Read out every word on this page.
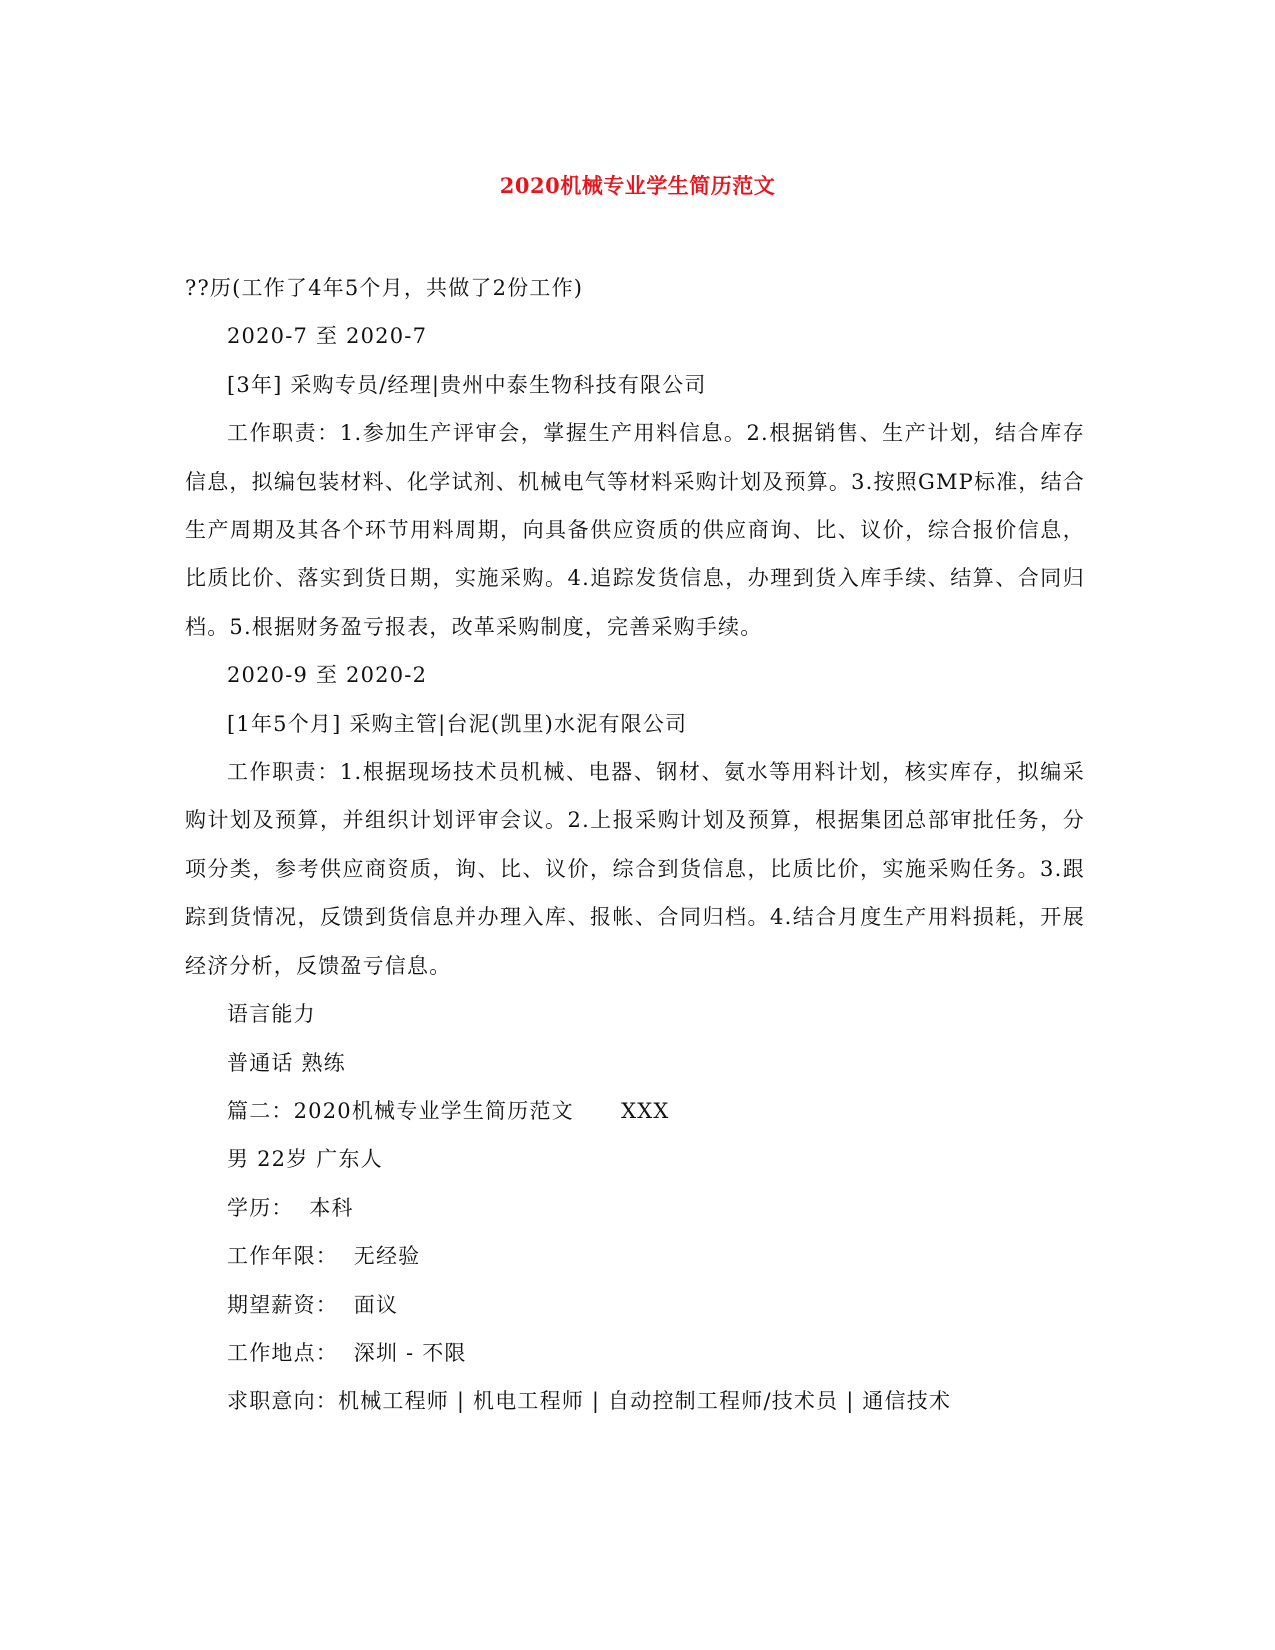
2020机械专业学生简历范文

??历(工作了4年5个月，共做了2份工作)

2020-7 至 2020-7

[3年] 采购专员/经理|贵州中泰生物科技有限公司

工作职责：1.参加生产评审会，掌握生产用料信息。2.根据销售、生产计划，结合库存信息，拟编包装材料、化学试剂、机械电气等材料采购计划及预算。3.按照GMP标准，结合生产周期及其各个环节用料周期，向具备供应资质的供应商询、比、议价，综合报价信息，比质比价、落实到货日期，实施采购。4.追踪发货信息，办理到货入库手续、结算、合同归档。5.根据财务盈亏报表，改革采购制度，完善采购手续。

2020-9 至 2020-2

[1年5个月] 采购主管|台泥(凯里)水泥有限公司

工作职责：1.根据现场技术员机械、电器、钢材、氨水等用料计划，核实库存，拟编采购计划及预算，并组织计划评审会议。2.上报采购计划及预算，根据集团总部审批任务，分项分类，参考供应商资质，询、比、议价，综合到货信息，比质比价，实施采购任务。3.跟踪到货情况，反馈到货信息并办理入库、报帐、合同归档。4.结合月度生产用料损耗，开展经济分析，反馈盈亏信息。

语言能力

普通话 熟练

篇二：2020机械专业学生简历范文      XXX

男 22岁 广东人

学历：  本科

工作年限：  无经验

期望薪资：  面议

工作地点：  深圳 - 不限

求职意向：机械工程师 | 机电工程师 | 自动控制工程师/技术员 | 通信技术
